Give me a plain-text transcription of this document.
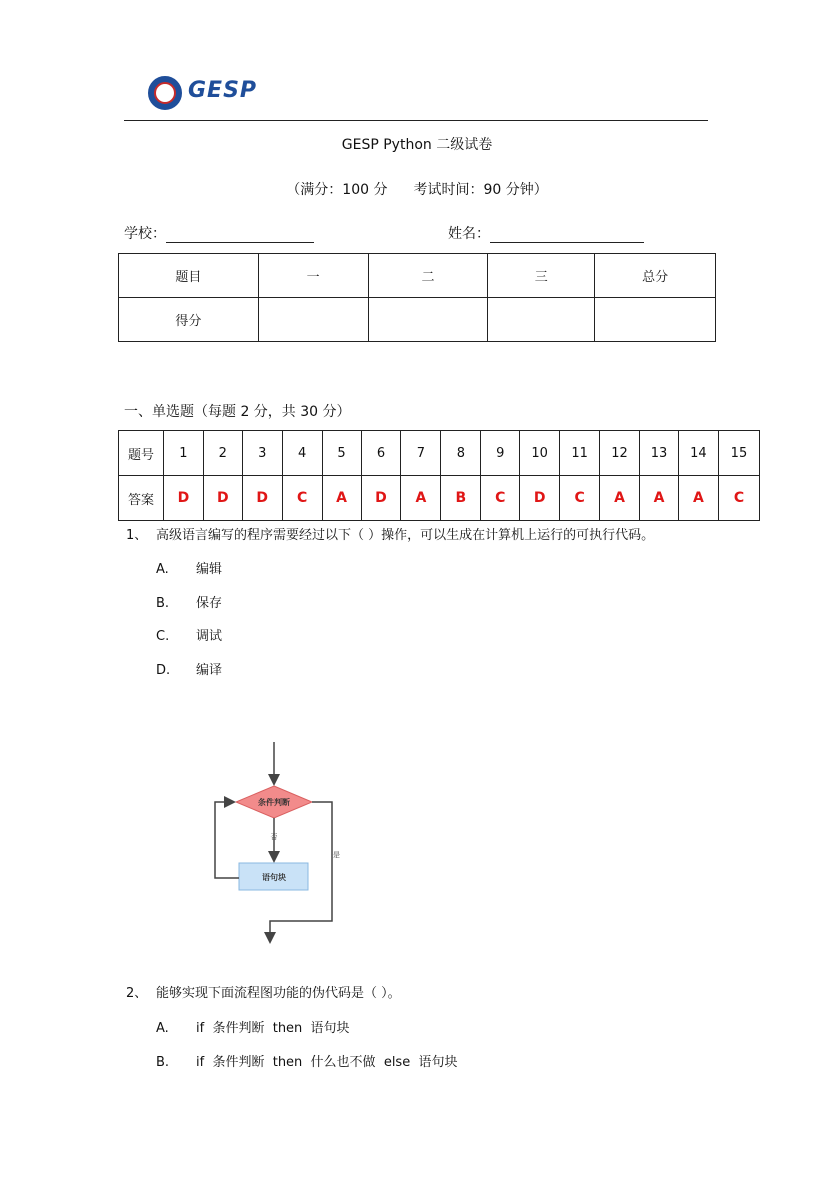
GESP
GESP Python 二级试卷
（满分：100 分 考试时间：90 分钟）
学校：	姓名：
题目	一	二	三	总分
得分				
一、单选题（每题 2 分，共 30 分）
题号	1	2	3	4	5	6	7	8	9	10	11	12	13	14	15
答案	D	D	D	C	A	D	A	B	C	D	C	A	A	A	C
1、 高级语言编写的程序需要经过以下（ ）操作，可以生成在计算机上运行的可执行代码。
A. 编辑
B. 保存
C. 调试
D. 编译
条件判断
否
语句块
是
2、 能够实现下面流程图功能的伪代码是（ ）。
A. if  条件判断  then  语句块
B. if  条件判断  then  什么也不做  else  语句块
